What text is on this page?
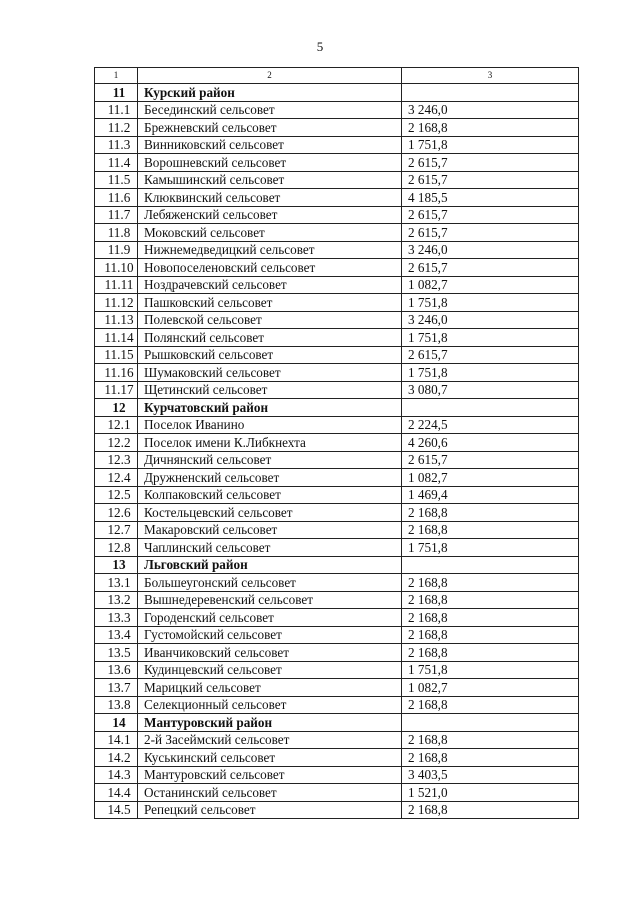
5
1	2	3
11	Курский район	
11.1	Бесединский сельсовет	3 246,0
11.2	Брежневский сельсовет	2 168,8
11.3	Винниковский сельсовет	1 751,8
11.4	Ворошневский сельсовет	2 615,7
11.5	Камышинский сельсовет	2 615,7
11.6	Клюквинский сельсовет	4 185,5
11.7	Лебяженский сельсовет	2 615,7
11.8	Моковский сельсовет	2 615,7
11.9	Нижнемедведицкий сельсовет	3 246,0
11.10	Новопоселеновский сельсовет	2 615,7
11.11	Ноздрачевский сельсовет	1 082,7
11.12	Пашковский сельсовет	1 751,8
11.13	Полевской сельсовет	3 246,0
11.14	Полянский сельсовет	1 751,8
11.15	Рышковский сельсовет	2 615,7
11.16	Шумаковский сельсовет	1 751,8
11.17	Щетинский сельсовет	3 080,7
12	Курчатовский район	
12.1	Поселок Иванино	2 224,5
12.2	Поселок имени К.Либкнехта	4 260,6
12.3	Дичнянский сельсовет	2 615,7
12.4	Дружненский сельсовет	1 082,7
12.5	Колпаковский сельсовет	1 469,4
12.6	Костельцевский сельсовет	2 168,8
12.7	Макаровский сельсовет	2 168,8
12.8	Чаплинский сельсовет	1 751,8
13	Льговский район	
13.1	Большеугонский сельсовет	2 168,8
13.2	Вышнедеревенский сельсовет	2 168,8
13.3	Городенский сельсовет	2 168,8
13.4	Густомойский сельсовет	2 168,8
13.5	Иванчиковский сельсовет	2 168,8
13.6	Кудинцевский сельсовет	1 751,8
13.7	Марицкий сельсовет	1 082,7
13.8	Селекционный сельсовет	2 168,8
14	Мантуровский район	
14.1	2-й Засеймский сельсовет	2 168,8
14.2	Куськинский сельсовет	2 168,8
14.3	Мантуровский сельсовет	3 403,5
14.4	Останинский сельсовет	1 521,0
14.5	Репецкий сельсовет	2 168,8
